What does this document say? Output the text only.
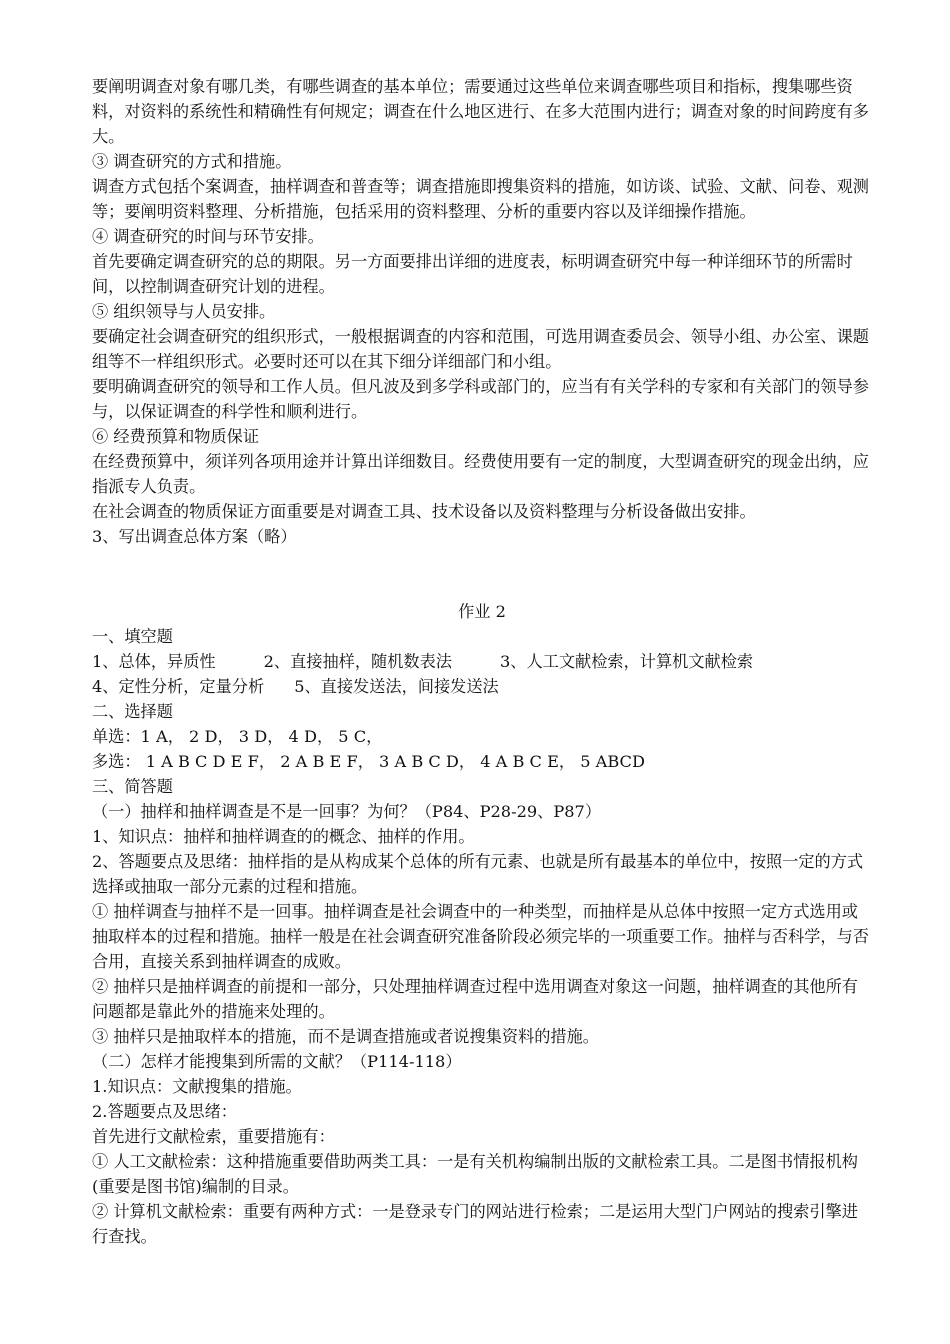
要阐明调查对象有哪几类，有哪些调查的基本单位；需要通过这些单位来调查哪些项目和指标，搜集哪些资料，对资料的系统性和精确性有何规定；调查在什么地区进行、在多大范围内进行；调查对象的时间跨度有多大。

③ 调查研究的方式和措施。

调查方式包括个案调查，抽样调查和普查等；调查措施即搜集资料的措施，如访谈、试验、文献、问卷、观测等；要阐明资料整理、分析措施，包括采用的资料整理、分析的重要内容以及详细操作措施。

④ 调查研究的时间与环节安排。

首先要确定调查研究的总的期限。另一方面要排出详细的进度表，标明调查研究中每一种详细环节的所需时间，以控制调查研究计划的进程。

⑤ 组织领导与人员安排。

要确定社会调查研究的组织形式，一般根据调查的内容和范围，可选用调查委员会、领导小组、办公室、课题组等不一样组织形式。必要时还可以在其下细分详细部门和小组。

要明确调查研究的领导和工作人员。但凡波及到多学科或部门的，应当有有关学科的专家和有关部门的领导参与，以保证调查的科学性和顺利进行。

⑥ 经费预算和物质保证

在经费预算中，须详列各项用途并计算出详细数目。经费使用要有一定的制度，大型调查研究的现金出纳，应指派专人负责。

在社会调查的物质保证方面重要是对调查工具、技术设备以及资料整理与分析设备做出安排。

3、写出调查总体方案（略）

作业 2

一、填空题

1、总体，异质性	2、直接抽样，随机数表法	3、人工文献检索，计算机文献检索

4、定性分析，定量分析 5、直接发送法，间接发送法

二、选择题

单选：1 A， 2 D， 3 D， 4 D， 5 C，

多选： 1 A B C D E F， 2 A B E F， 3 A B C D， 4 A B C E， 5 ABCD

三、简答题

（一）抽样和抽样调查是不是一回事？为何？（P84、P28-29、P87）

1、知识点：抽样和抽样调查的的概念、抽样的作用。

2、答题要点及思绪：抽样指的是从构成某个总体的所有元素、也就是所有最基本的单位中，按照一定的方式选择或抽取一部分元素的过程和措施。

① 抽样调查与抽样不是一回事。抽样调查是社会调查中的一种类型，而抽样是从总体中按照一定方式选用或抽取样本的过程和措施。抽样一般是在社会调查研究准备阶段必须完毕的一项重要工作。抽样与否科学，与否合用，直接关系到抽样调查的成败。

② 抽样只是抽样调查的前提和一部分，只处理抽样调查过程中选用调查对象这一问题，抽样调查的其他所有问题都是靠此外的措施来处理的。

③ 抽样只是抽取样本的措施，而不是调查措施或者说搜集资料的措施。

（二）怎样才能搜集到所需的文献？（P114-118）

1.知识点：文献搜集的措施。

2.答题要点及思绪：

首先进行文献检索，重要措施有：

① 人工文献检索：这种措施重要借助两类工具：一是有关机构编制出版的文献检索工具。二是图书情报机构(重要是图书馆)编制的目录。

② 计算机文献检索：重要有两种方式：一是登录专门的网站进行检索；二是运用大型门户网站的搜索引擎进行查找。
